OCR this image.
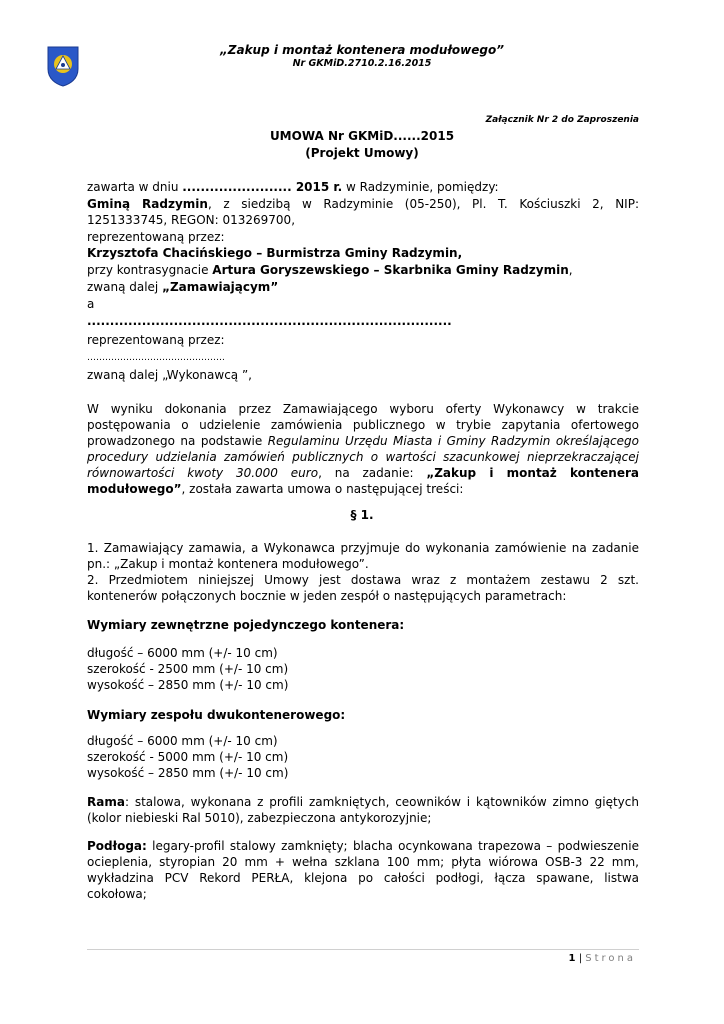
„Zakup i montaż kontenera modułowego”
Nr GKMiD.2710.2.16.2015
Załącznik Nr 2 do Zaproszenia
UMOWA Nr GKMiD......2015
(Projekt Umowy)
zawarta w dniu ........................ 2015 r. w Radzyminie, pomiędzy:
Gminą Radzymin, z siedzibą w Radzyminie (05-250), Pl. T. Kościuszki 2, NIP:
1251333745, REGON: 013269700,
reprezentowaną przez:
Krzysztofa Chacińskiego – Burmistrza Gminy Radzymin,
przy kontrasygnacie Artura Goryszewskiego – Skarbnika Gminy Radzymin,
zwaną dalej „Zamawiającym”
a
................................................................................
reprezentowaną przez:
……………………………………….
zwaną dalej „Wykonawcą ”,
W wyniku dokonania przez Zamawiającego wyboru oferty Wykonawcy w trakcie
postępowania o udzielenie zamówienia publicznego w trybie zapytania ofertowego
prowadzonego na podstawie Regulaminu Urzędu Miasta i Gminy Radzymin określającego
procedury udzielania zamówień publicznych o wartości szacunkowej nieprzekraczającej
równowartości kwoty 30.000 euro, na zadanie: „Zakup i montaż kontenera
modułowego”, została zawarta umowa o następującej treści:
§ 1.
1. Zamawiający zamawia, a Wykonawca przyjmuje do wykonania zamówienie na zadanie
pn.: „Zakup i montaż kontenera modułowego”.
2. Przedmiotem niniejszej Umowy jest dostawa wraz z montażem zestawu 2 szt.
kontenerów połączonych bocznie w jeden zespół o następujących parametrach:
Wymiary zewnętrzne pojedynczego kontenera:
długość – 6000 mm (+/- 10 cm)
szerokość - 2500 mm (+/- 10 cm)
wysokość – 2850 mm (+/- 10 cm)
Wymiary zespołu dwukontenerowego:
długość – 6000 mm (+/- 10 cm)
szerokość - 5000 mm (+/- 10 cm)
wysokość – 2850 mm (+/- 10 cm)
Rama: stalowa, wykonana z profili zamkniętych, ceowników i kątowników zimno giętych
(kolor niebieski Ral 5010), zabezpieczona antykorozyjnie;
Podłoga: legary-profil stalowy zamknięty; blacha ocynkowana trapezowa – podwieszenie
ocieplenia, styropian 20 mm + wełna szklana 100 mm; płyta wiórowa OSB-3 22 mm,
wykładzina PCV Rekord PERŁA, klejona po całości podłogi, łącza spawane, listwa
cokołowa;
1 | Strona
